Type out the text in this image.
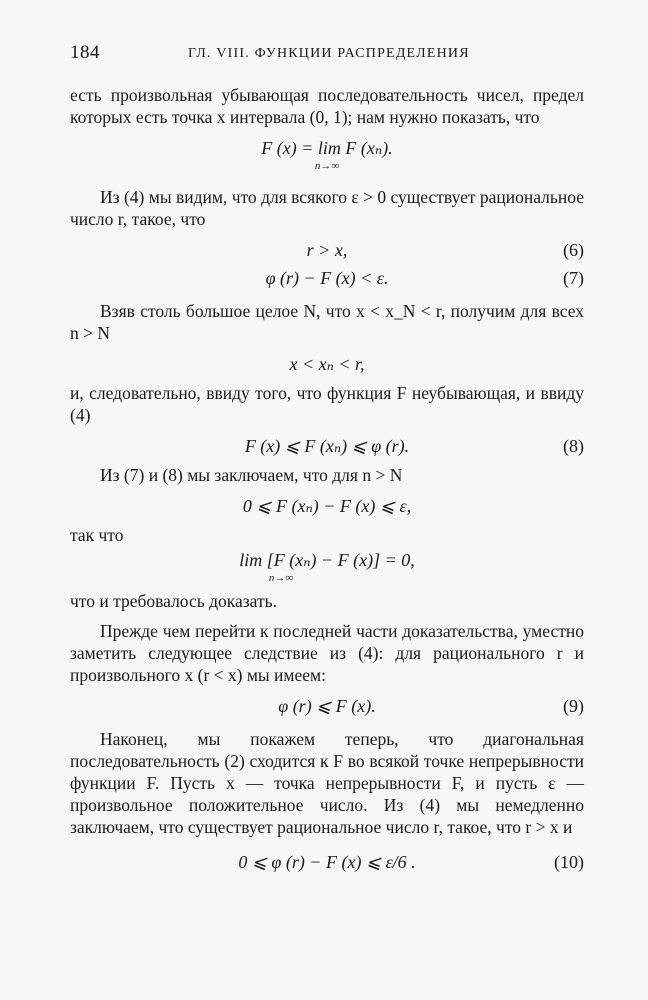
184	ГЛ. VIII. ФУНКЦИИ РАСПРЕДЕЛЕНИЯ

есть произвольная убывающая последовательность чисел, предел которых есть точка x интервала (0, 1); нам нужно показать, что

F (x) = lim F (xₙ).
n→∞

Из (4) мы видим, что для всякого ε > 0 существует рациональное число r, такое, что

r > x,	(6)
φ (r) − F (x) < ε.	(7)

Взяв столь большое целое N, что x < x_N < r, получим для всех n > N

x < xₙ < r,

и, следовательно, ввиду того, что функция F неубывающая, и ввиду (4)

F (x) ⩽ F (xₙ) ⩽ φ (r).	(8)

Из (7) и (8) мы заключаем, что для n > N

0 ⩽ F (xₙ) − F (x) ⩽ ε,

так что

lim [F (xₙ) − F (x)] = 0,
n→∞

что и требовалось доказать.

Прежде чем перейти к последней части доказательства, уместно заметить следующее следствие из (4): для рационального r и произвольного x (r < x) мы имеем:

φ (r) ⩽ F (x).	(9)

Наконец, мы покажем теперь, что диагональная последовательность (2) сходится к F во всякой точке непрерывности функции F. Пусть x — точка непрерывности F, и пусть ε — произвольное положительное число. Из (4) мы немедленно заключаем, что существует рациональное число r, такое, что r > x и

0 ⩽ φ (r) − F (x) ⩽ ε/6 .	(10)
